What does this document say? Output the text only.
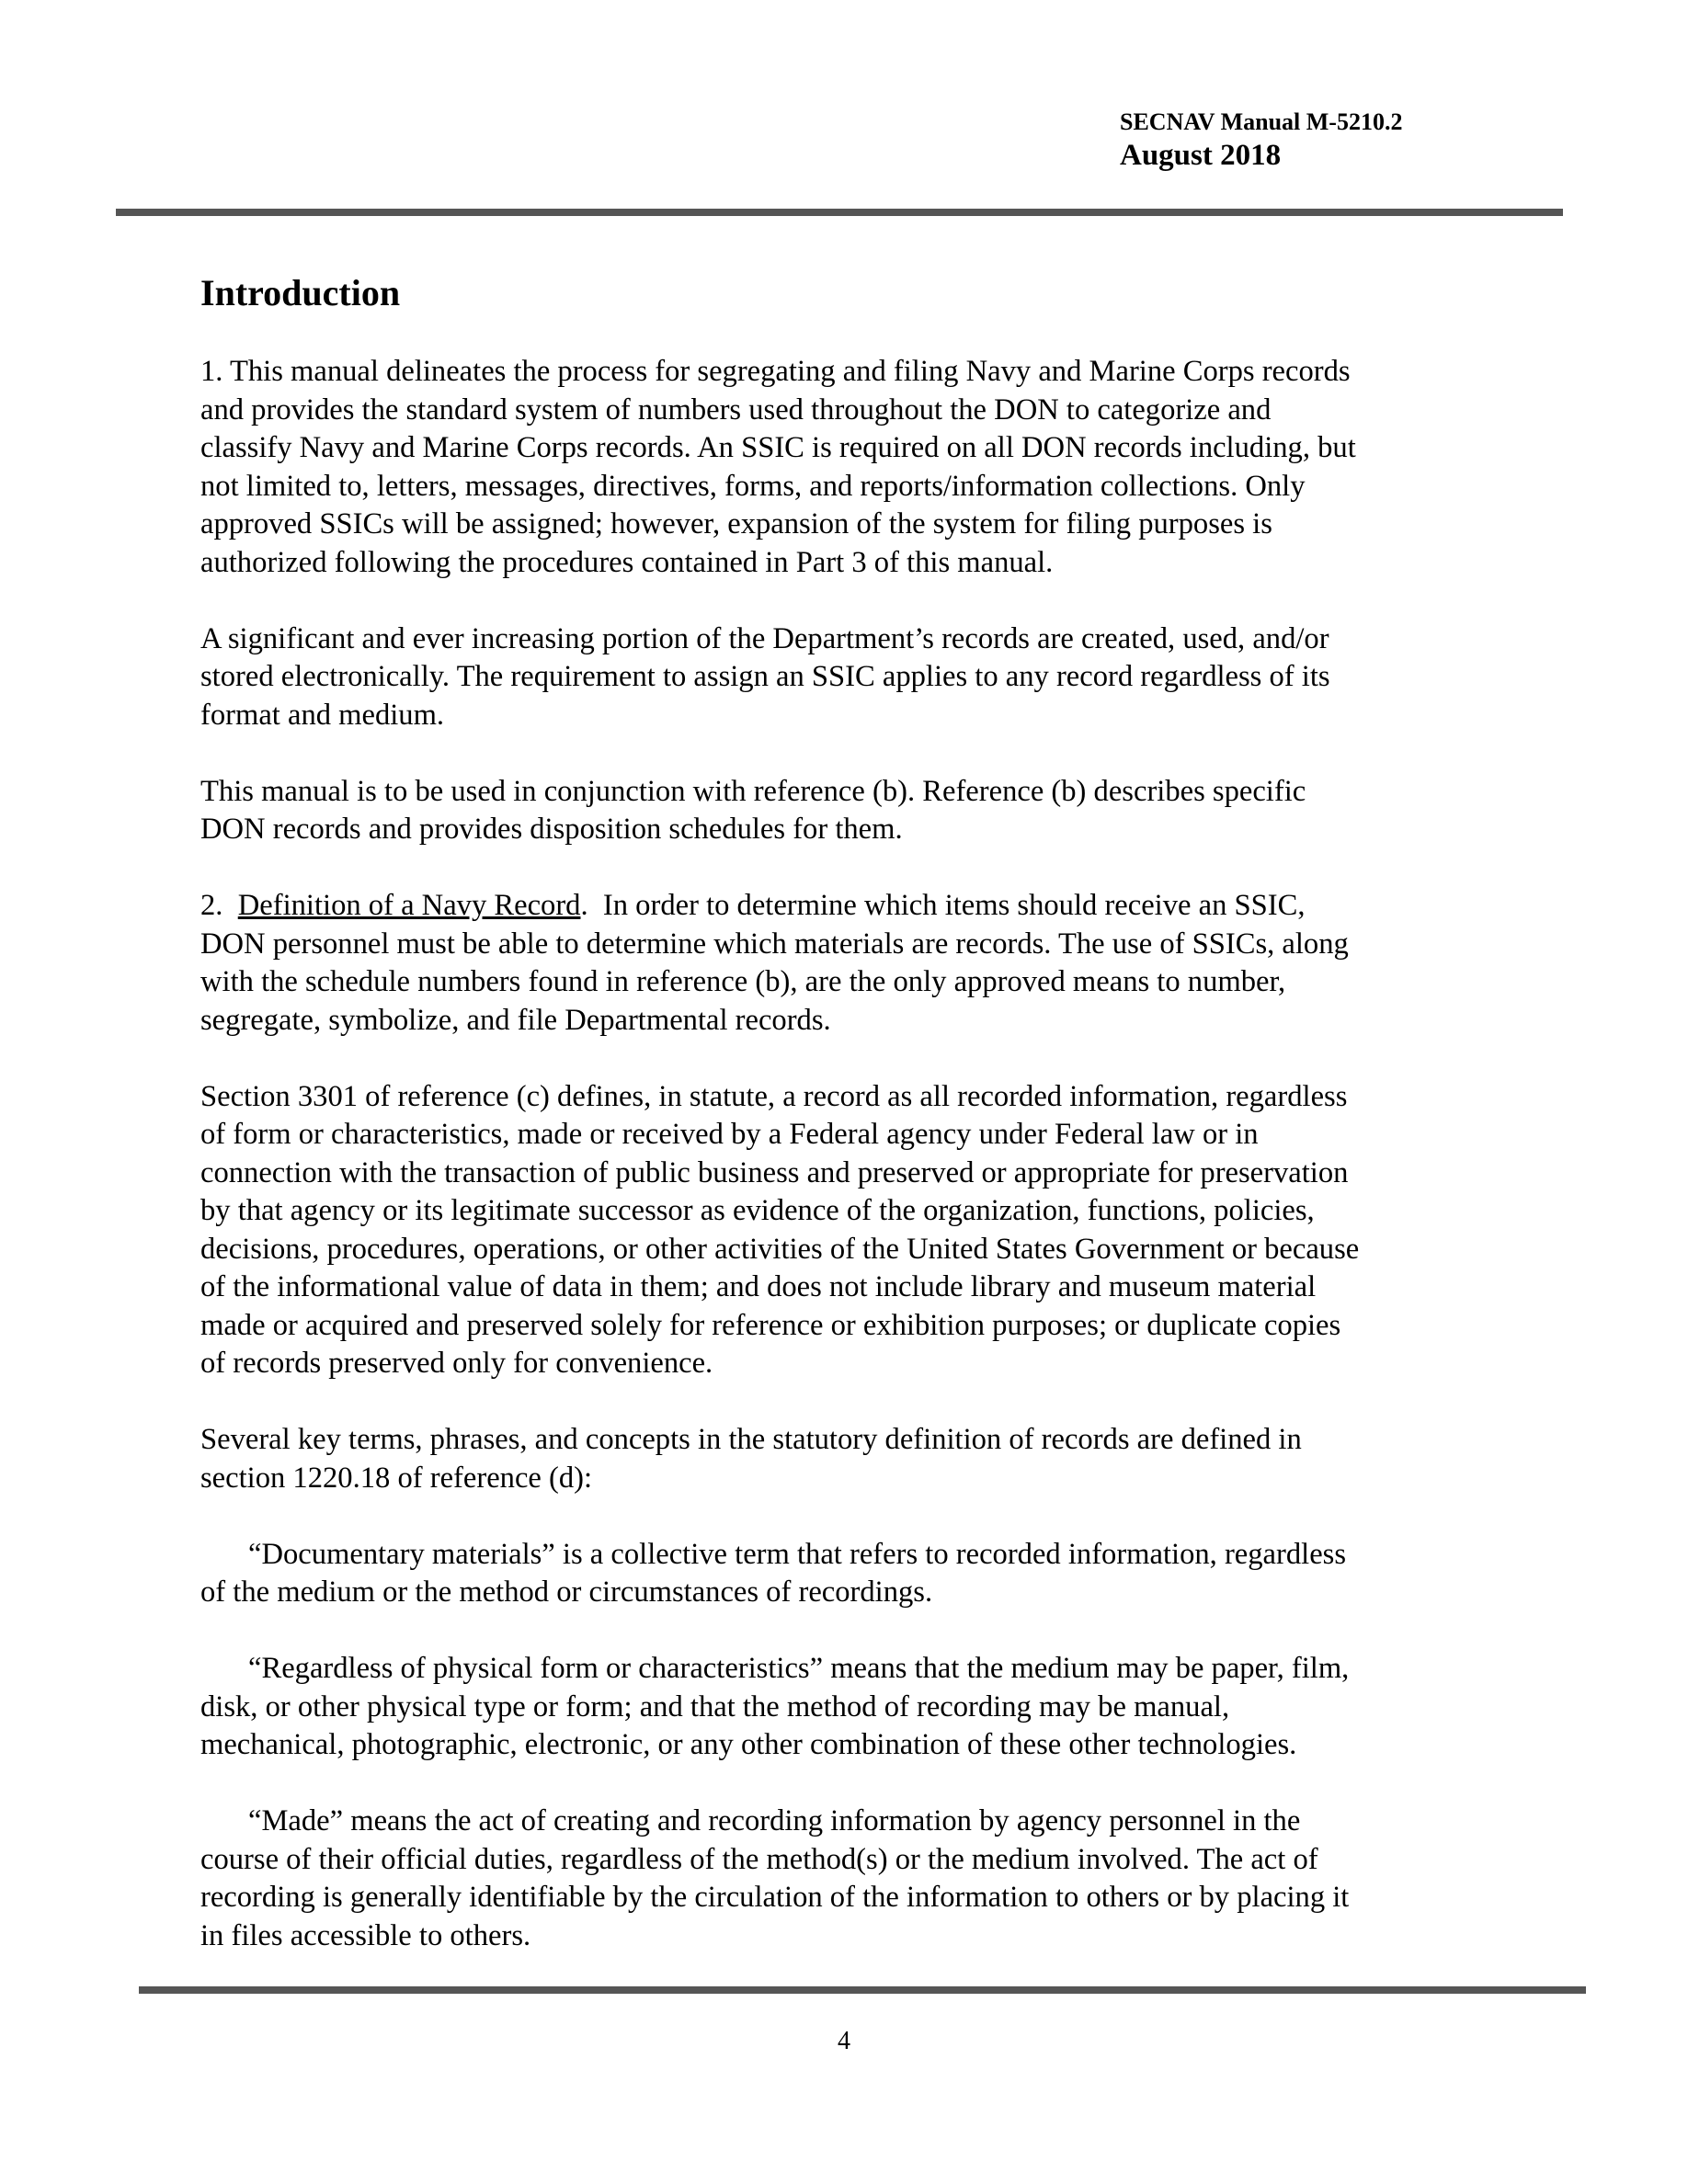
SECNAV Manual M-5210.2
August 2018
Introduction
1. This manual delineates the process for segregating and filing Navy and Marine Corps records
and provides the standard system of numbers used throughout the DON to categorize and
classify Navy and Marine Corps records. An SSIC is required on all DON records including, but
not limited to, letters, messages, directives, forms, and reports/information collections. Only
approved SSICs will be assigned; however, expansion of the system for filing purposes is
authorized following the procedures contained in Part 3 of this manual.
A significant and ever increasing portion of the Department’s records are created, used, and/or
stored electronically. The requirement to assign an SSIC applies to any record regardless of its
format and medium.
This manual is to be used in conjunction with reference (b). Reference (b) describes specific
DON records and provides disposition schedules for them.
2.  Definition of a Navy Record.  In order to determine which items should receive an SSIC,
DON personnel must be able to determine which materials are records. The use of SSICs, along
with the schedule numbers found in reference (b), are the only approved means to number,
segregate, symbolize, and file Departmental records.
Section 3301 of reference (c) defines, in statute, a record as all recorded information, regardless
of form or characteristics, made or received by a Federal agency under Federal law or in
connection with the transaction of public business and preserved or appropriate for preservation
by that agency or its legitimate successor as evidence of the organization, functions, policies,
decisions, procedures, operations, or other activities of the United States Government or because
of the informational value of data in them; and does not include library and museum material
made or acquired and preserved solely for reference or exhibition purposes; or duplicate copies
of records preserved only for convenience.
Several key terms, phrases, and concepts in the statutory definition of records are defined in
section 1220.18 of reference (d):
“Documentary materials” is a collective term that refers to recorded information, regardless
of the medium or the method or circumstances of recordings.
“Regardless of physical form or characteristics” means that the medium may be paper, film,
disk, or other physical type or form; and that the method of recording may be manual,
mechanical, photographic, electronic, or any other combination of these other technologies.
“Made” means the act of creating and recording information by agency personnel in the
course of their official duties, regardless of the method(s) or the medium involved. The act of
recording is generally identifiable by the circulation of the information to others or by placing it
in files accessible to others.
4
